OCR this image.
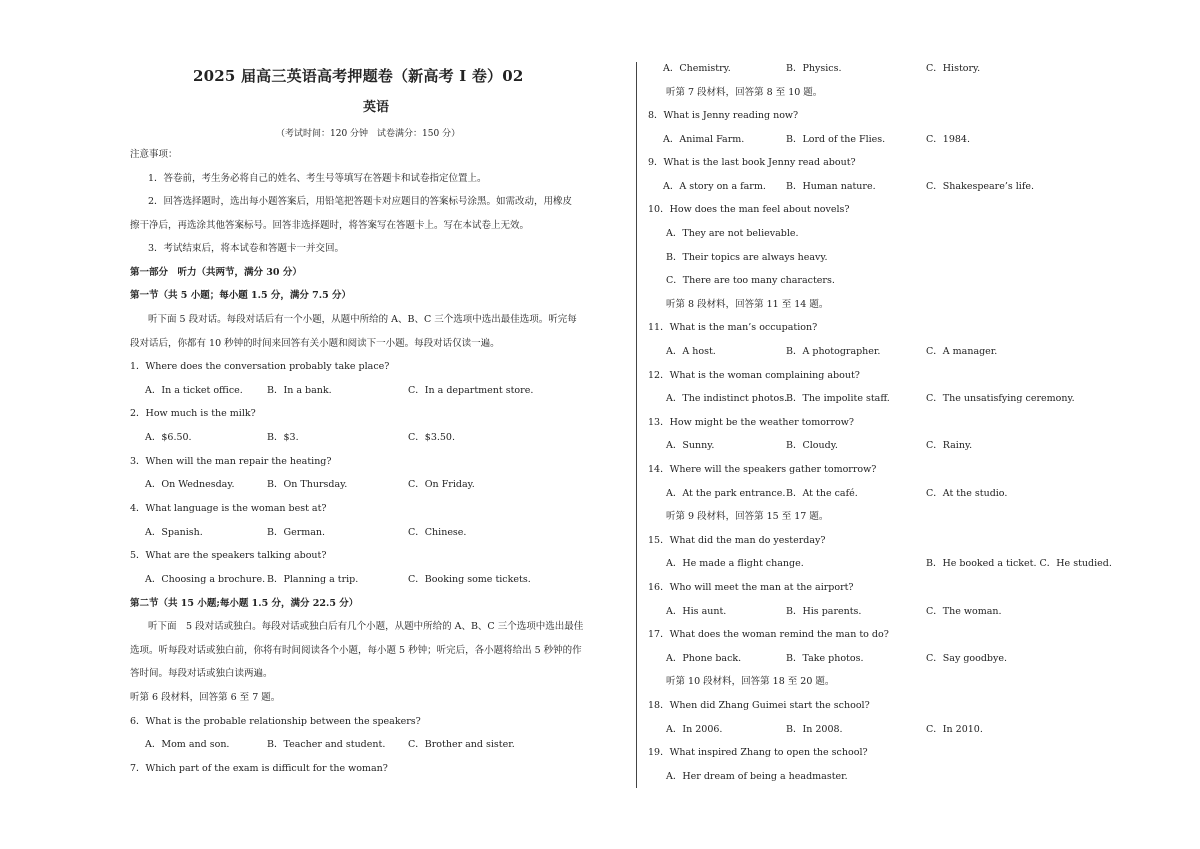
2025 届高三英语高考押题卷（新高考 I 卷）02
英语
（考试时间：120 分钟　试卷满分：150 分）
注意事项：
1．答卷前，考生务必将自己的姓名、考生号等填写在答题卡和试卷指定位置上。
2．回答选择题时，选出每小题答案后，用铅笔把答题卡对应题目的答案标号涂黑。如需改动，用橡皮
擦干净后，再选涂其他答案标号。回答非选择题时，将答案写在答题卡上。写在本试卷上无效。
3．考试结束后，将本试卷和答题卡一并交回。
第一部分　听力（共两节，满分 30 分）
第一节（共 5 小题；每小题 1.5 分，满分 7.5 分）
听下面 5 段对话。每段对话后有一个小题，从题中所给的 A、B、C 三个选项中选出最佳选项。听完每
段对话后，你都有 10 秒钟的时间来回答有关小题和阅读下一小题。每段对话仅读一遍。
1．Where does the conversation probably take place?
A．In a ticket office.	B．In a bank.	C．In a department store.
2．How much is the milk?
A．$6.50.	B．$3.	C．$3.50.
3．When will the man repair the heating?
A．On Wednesday.	B．On Thursday.	C．On Friday.
4．What language is the woman best at?
A．Spanish.	B．German.	C．Chinese.
5．What are the speakers talking about?
A．Choosing a brochure. B．Planning a trip.	C．Booking some tickets.
第二节（共 15 小题;每小题 1.5 分，满分 22.5 分）
听下面　5 段对话或独白。每段对话或独白后有几个小题，从题中所给的 A、B、C 三个选项中选出最佳
选项。听每段对话或独白前，你将有时间阅读各个小题，每小题 5 秒钟；听完后，各小题将给出 5 秒钟的作
答时间。每段对话或独白读两遍。
听第 6 段材料，回答第 6 至 7 题。
6．What is the probable relationship between the speakers?
A．Mom and son.	B．Teacher and student. C．Brother and sister.
7．Which part of the exam is difficult for the woman?
A．Chemistry.	B．Physics.	C．History.
听第 7 段材料，回答第 8 至 10 题。
8．What is Jenny reading now?
A．Animal Farm.	B．Lord of the Flies.	C．1984.
9．What is the last book Jenny read about?
A．A story on a farm. B．Human nature.	C．Shakespeare’s life.
10．How does the man feel about novels?
A．They are not believable.
B．Their topics are always heavy.
C．There are too many characters.
听第 8 段材料，回答第 11 至 14 题。
11．What is the man’s occupation?
A．A host.	B．A photographer.	C．A manager.
12．What is the woman complaining about?
A．The indistinct photos.
B．The impolite staff.	C．The unsatisfying ceremony.
13．How might be the weather tomorrow?
A．Sunny.	B．Cloudy.	C．Rainy.
14．Where will the speakers gather tomorrow?
A．At the park entrance. B．At the café.	C．At the studio.
听第 9 段材料，回答第 15 至 17 题。
15．What did the man do yesterday?
A．He made a flight change.	B．He booked a ticket. C．He studied.
16．Who will meet the man at the airport?
A．His aunt.	B．His parents.	C．The woman.
17．What does the woman remind the man to do?
A．Phone back.	B．Take photos.	C．Say goodbye.
听第 10 段材料，回答第 18 至 20 题。
18．When did Zhang Guimei start the school?
A．In 2006.	B．In 2008.	C．In 2010.
19．What inspired Zhang to open the school?
A．Her dream of being a headmaster.
